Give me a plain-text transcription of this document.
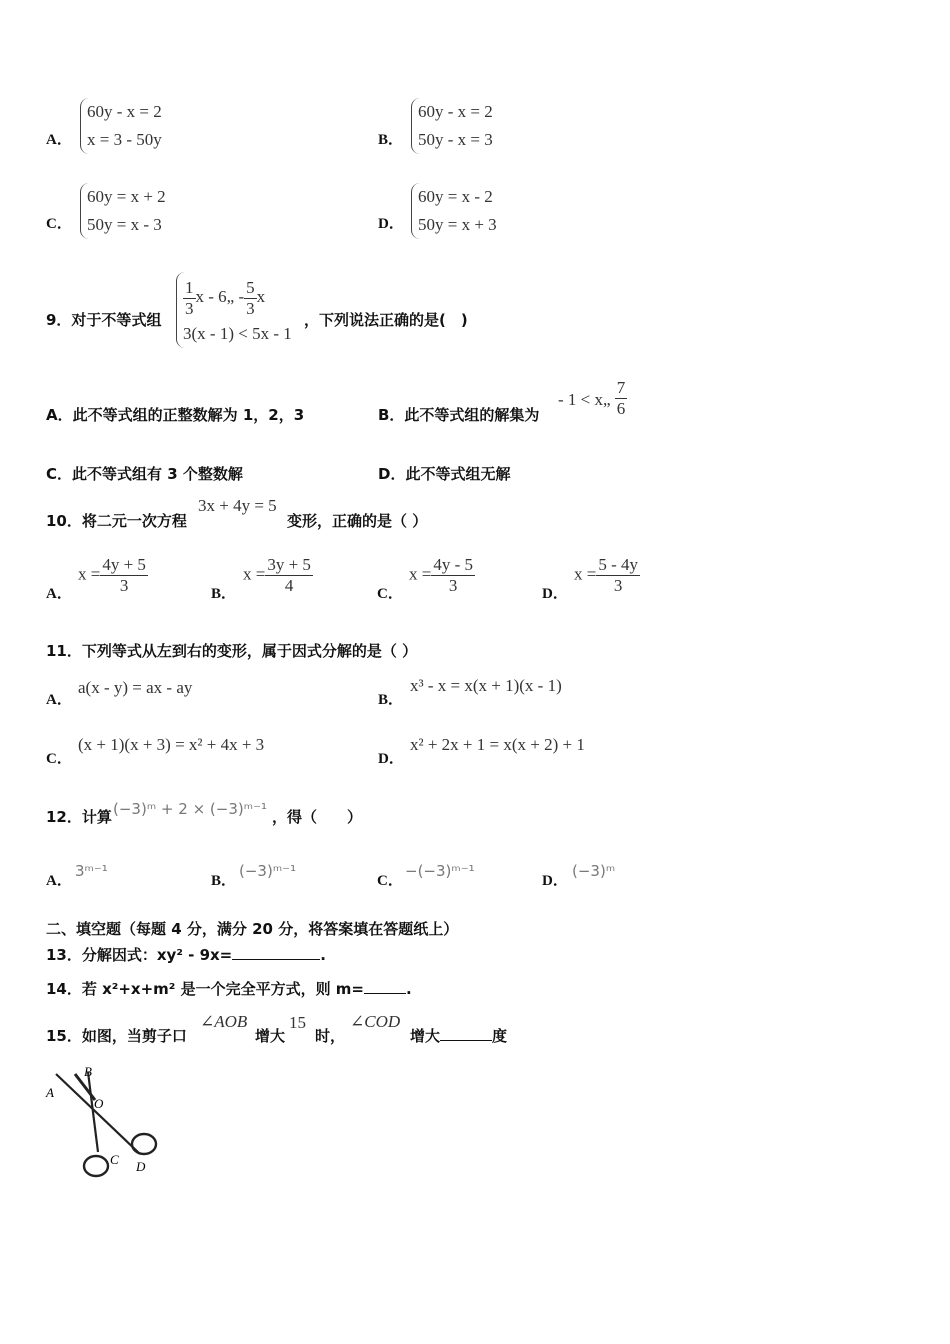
A．
60y - x = 2
x = 3 - 50y	B．
60y - x = 2
50y - x = 3
C．
60y = x + 2
50y = x - 3	D．
60y = x - 2
50y = x + 3
9．对于不等式组
$\frac{1}{3}$ x - 6„ - $\frac{5}{3}$ x
3(x - 1) < 5x - 1
，下列说法正确的是(　)
A．此不等式组的正整数解为 1，2，3	B．此不等式组的解集为
- 1 < x„ $\frac{7}{6}$
C．此不等式组有 3 个整数解	D．此不等式组无解
10．将二元一次方程
3x + 4y = 5
变形，正确的是（ ）
A．
$x = \frac{4y + 5}{3}$	B．
$x = \frac{3y + 5}{4}$	C．
$x = \frac{4y - 5}{3}$	D．
$x = \frac{5 - 4y}{3}$
11．下列等式从左到右的变形，属于因式分解的是（ ）
A．
a(x - y) = ax - ay
B．
x³ - x = x(x + 1)(x - 1)
C．
(x + 1)(x + 3) = x² + 4x + 3
D．
x² + 2x + 1 = x(x + 2) + 1
12．计算 (−3)ᵐ + 2 × (−3)ᵐ⁻¹ ，得（　　）
A．
3ᵐ⁻¹
B．
(−3)ᵐ⁻¹
C．
−(−3)ᵐ⁻¹
D．
(−3)ᵐ
二、填空题（每题 4 分，满分 20 分，将答案填在答题纸上）
13．分解因式：xy² - 9x=	.
14．若 x²+x+m² 是一个完全平方式，则 m=	.
15．如图，当剪子口
∠AOB
增大
15
时，
∠COD
增大	度
A
B
O
C D
